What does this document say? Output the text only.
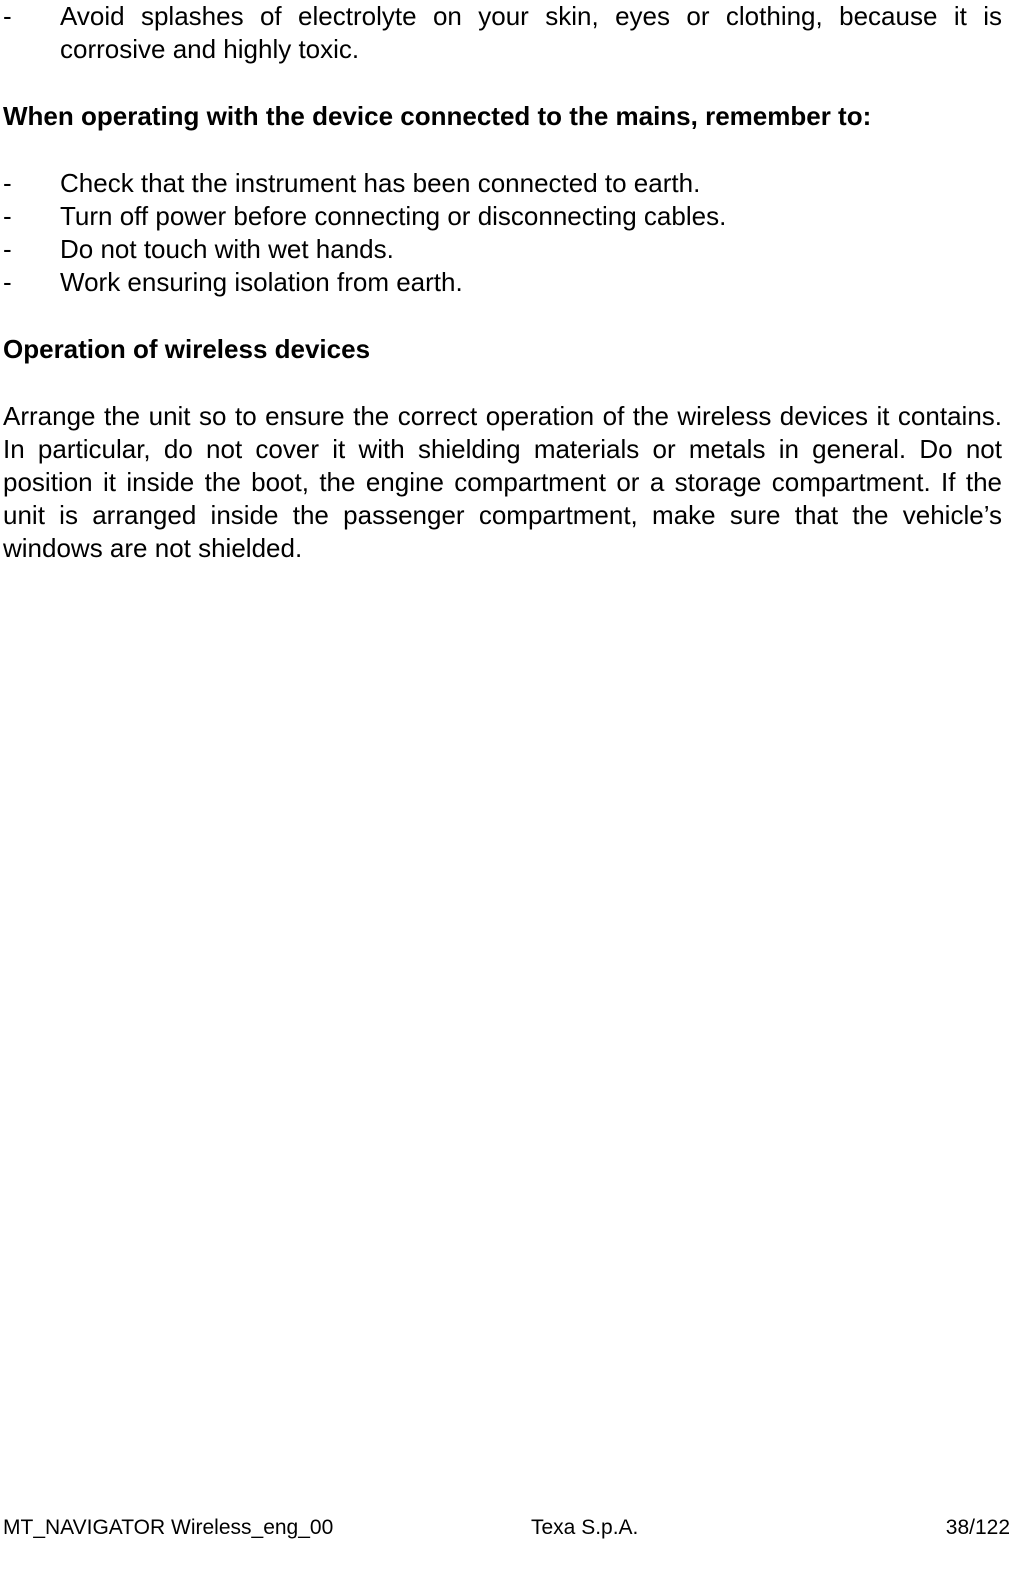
-	Avoid splashes of electrolyte on your skin, eyes or clothing, because it is corrosive and highly toxic.
When operating with the device connected to the mains, remember to:
-	Check that the instrument has been connected to earth.
-	Turn off power before connecting or disconnecting cables.
-	Do not touch with wet hands.
-	Work ensuring isolation from earth.
Operation of wireless devices
Arrange the unit so to ensure the correct operation of the wireless devices it contains. In particular, do not cover it with shielding materials or metals in general. Do not position it inside the boot, the engine compartment or a storage compartment. If the unit is arranged inside the passenger compartment, make sure that the vehicle’s windows are not shielded.
MT_NAVIGATOR Wireless_eng_00	Texa S.p.A.	38/122
